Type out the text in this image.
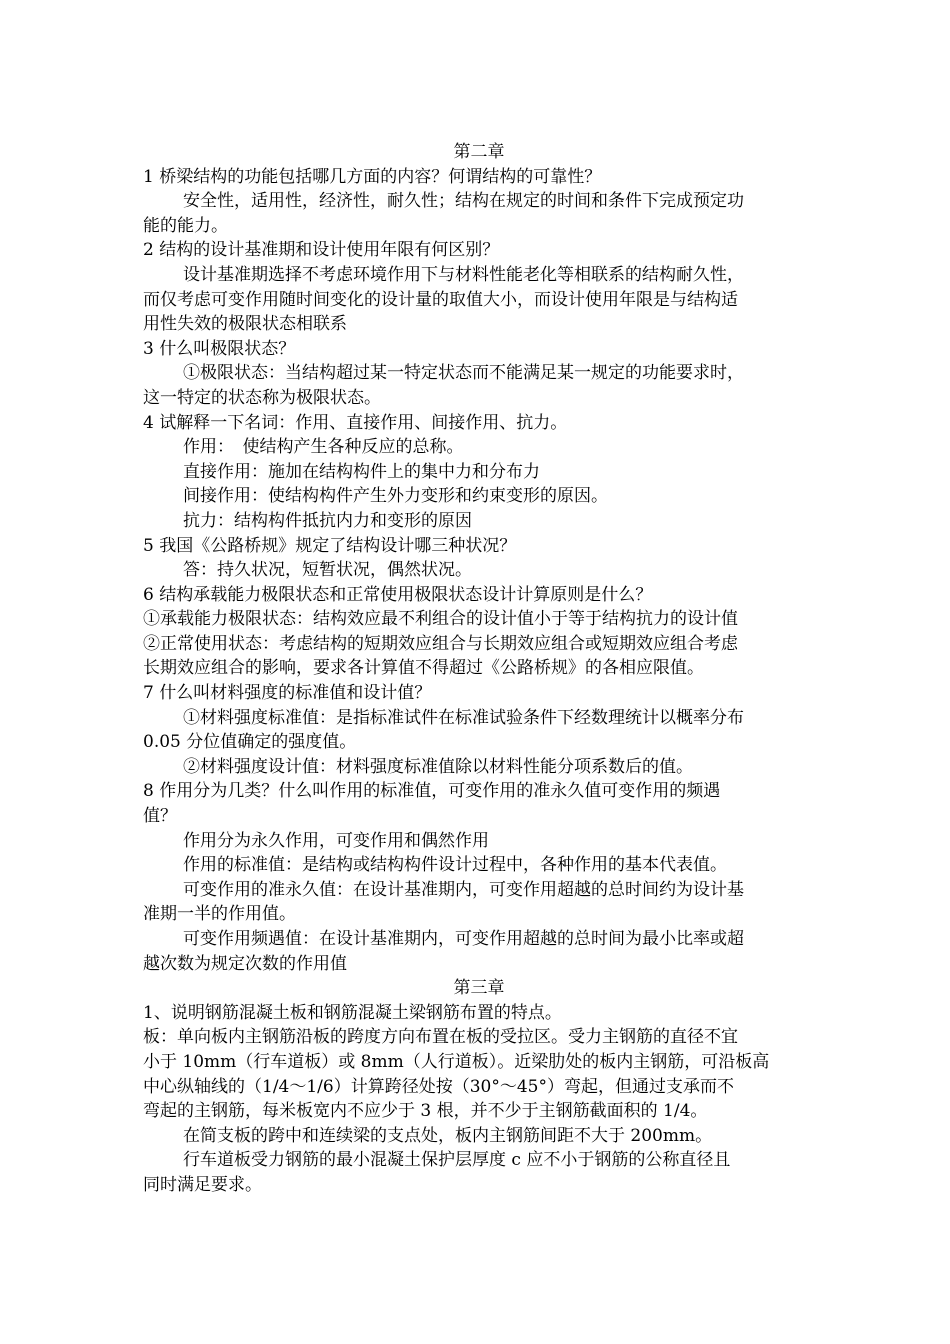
第二章
1 桥梁结构的功能包括哪几方面的内容？何谓结构的可靠性？
安全性，适用性，经济性，耐久性；结构在规定的时间和条件下完成预定功
能的能力。
2 结构的设计基准期和设计使用年限有何区别？
设计基准期选择不考虑环境作用下与材料性能老化等相联系的结构耐久性，
而仅考虑可变作用随时间变化的设计量的取值大小，而设计使用年限是与结构适
用性失效的极限状态相联系
3 什么叫极限状态？
①极限状态：当结构超过某一特定状态而不能满足某一规定的功能要求时，
这一特定的状态称为极限状态。
4 试解释一下名词：作用、直接作用、间接作用、抗力。
作用：　使结构产生各种反应的总称。
直接作用：施加在结构构件上的集中力和分布力
间接作用：使结构构件产生外力变形和约束变形的原因。
抗力：结构构件抵抗内力和变形的原因
5 我国《公路桥规》规定了结构设计哪三种状况？
答：持久状况，短暂状况，偶然状况。
6 结构承载能力极限状态和正常使用极限状态设计计算原则是什么？
①承载能力极限状态：结构效应最不利组合的设计值小于等于结构抗力的设计值
②正常使用状态：考虑结构的短期效应组合与长期效应组合或短期效应组合考虑
长期效应组合的影响，要求各计算值不得超过《公路桥规》的各相应限值。
7 什么叫材料强度的标准值和设计值？
①材料强度标准值：是指标准试件在标准试验条件下经数理统计以概率分布
0.05 分位值确定的强度值。
②材料强度设计值：材料强度标准值除以材料性能分项系数后的值。
8 作用分为几类？什么叫作用的标准值，可变作用的准永久值可变作用的频遇
值？
作用分为永久作用，可变作用和偶然作用
作用的标准值：是结构或结构构件设计过程中，各种作用的基本代表值。
可变作用的准永久值：在设计基准期内，可变作用超越的总时间约为设计基
准期一半的作用值。
可变作用频遇值：在设计基准期内，可变作用超越的总时间为最小比率或超
越次数为规定次数的作用值
第三章
1、说明钢筋混凝土板和钢筋混凝土梁钢筋布置的特点。
板：单向板内主钢筋沿板的跨度方向布置在板的受拉区。受力主钢筋的直径不宜
小于 10mm（行车道板）或 8mm（人行道板）。近梁肋处的板内主钢筋，可沿板高
中心纵轴线的（1/4～1/6）计算跨径处按（30°～45°）弯起，但通过支承而不
弯起的主钢筋，每米板宽内不应少于 3 根，并不少于主钢筋截面积的 1/4。
在简支板的跨中和连续梁的支点处，板内主钢筋间距不大于 200mm。
行车道板受力钢筋的最小混凝土保护层厚度 c 应不小于钢筋的公称直径且
同时满足要求。
